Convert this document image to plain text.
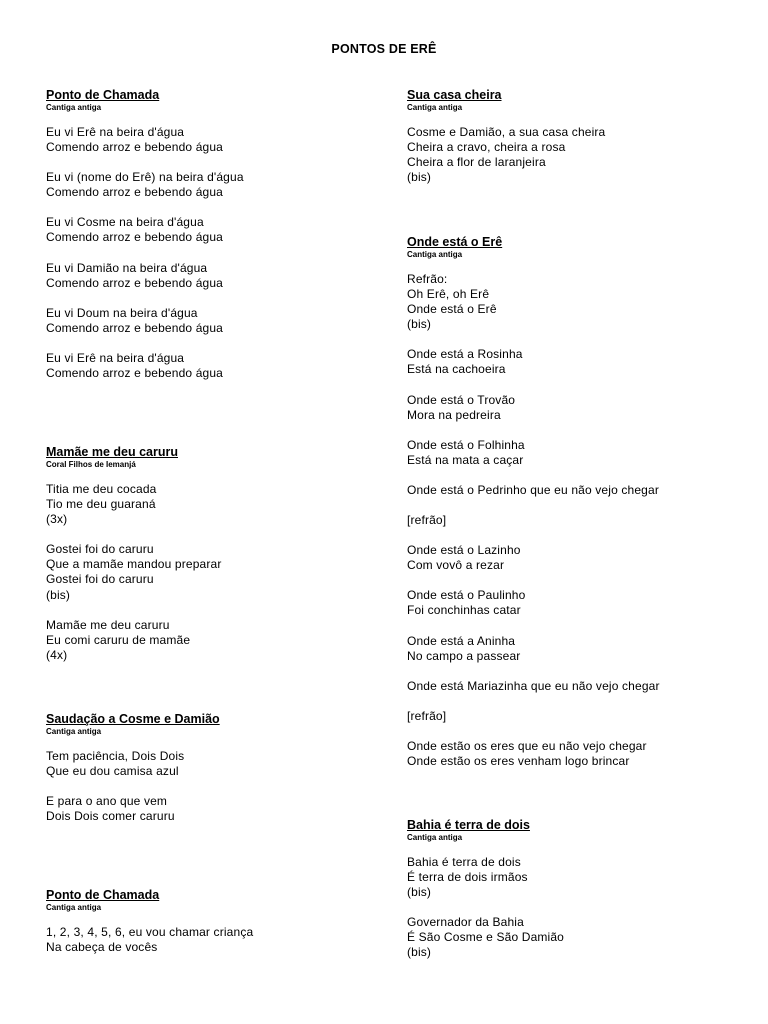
PONTOS DE ERÊ
Ponto de Chamada
Cantiga antiga
Eu vi Erê na beira d'água
Comendo arroz e bebendo água
Eu vi (nome do Erê) na beira d'água
Comendo arroz e bebendo água
Eu vi Cosme na beira d'água
Comendo arroz e bebendo água
Eu vi Damião na beira d'água
Comendo arroz e bebendo água
Eu vi Doum na beira d'água
Comendo arroz e bebendo água
Eu vi Erê na beira d'água
Comendo arroz e bebendo água
Mamãe me deu caruru
Coral Filhos de Iemanjá
Titia me deu cocada
Tio me deu guaraná
(3x)
Gostei foi do caruru
Que a mamãe mandou preparar
Gostei foi do caruru
(bis)
Mamãe me deu caruru
Eu comi caruru de mamãe
(4x)
Saudação a Cosme e Damião
Cantiga antiga
Tem paciência, Dois Dois
Que eu dou camisa azul
E para o ano que vem
Dois Dois comer caruru
Ponto de Chamada
Cantiga antiga
1, 2, 3, 4, 5, 6, eu vou chamar criança
Na cabeça de vocês
Sua casa cheira
Cantiga antiga
Cosme e Damião, a sua casa cheira
Cheira a cravo, cheira a rosa
Cheira a flor de laranjeira
(bis)
Onde está o Erê
Cantiga antiga
Refrão:
Oh Erê, oh Erê
Onde está o Erê
(bis)
Onde está a Rosinha
Está na cachoeira
Onde está o Trovão
Mora na pedreira
Onde está o Folhinha
Está na mata a caçar
Onde está o Pedrinho que eu não vejo chegar
[refrão]
Onde está o Lazinho
Com vovô a rezar
Onde está o Paulinho
Foi conchinhas catar
Onde está a Aninha
No campo a passear
Onde está Mariazinha que eu não vejo chegar
[refrão]
Onde estão os eres que eu não vejo chegar
Onde estão os eres venham logo brincar
Bahia é terra de dois
Cantiga antiga
Bahia é terra de dois
É terra de dois irmãos
(bis)
Governador da Bahia
É São Cosme e São Damião
(bis)
